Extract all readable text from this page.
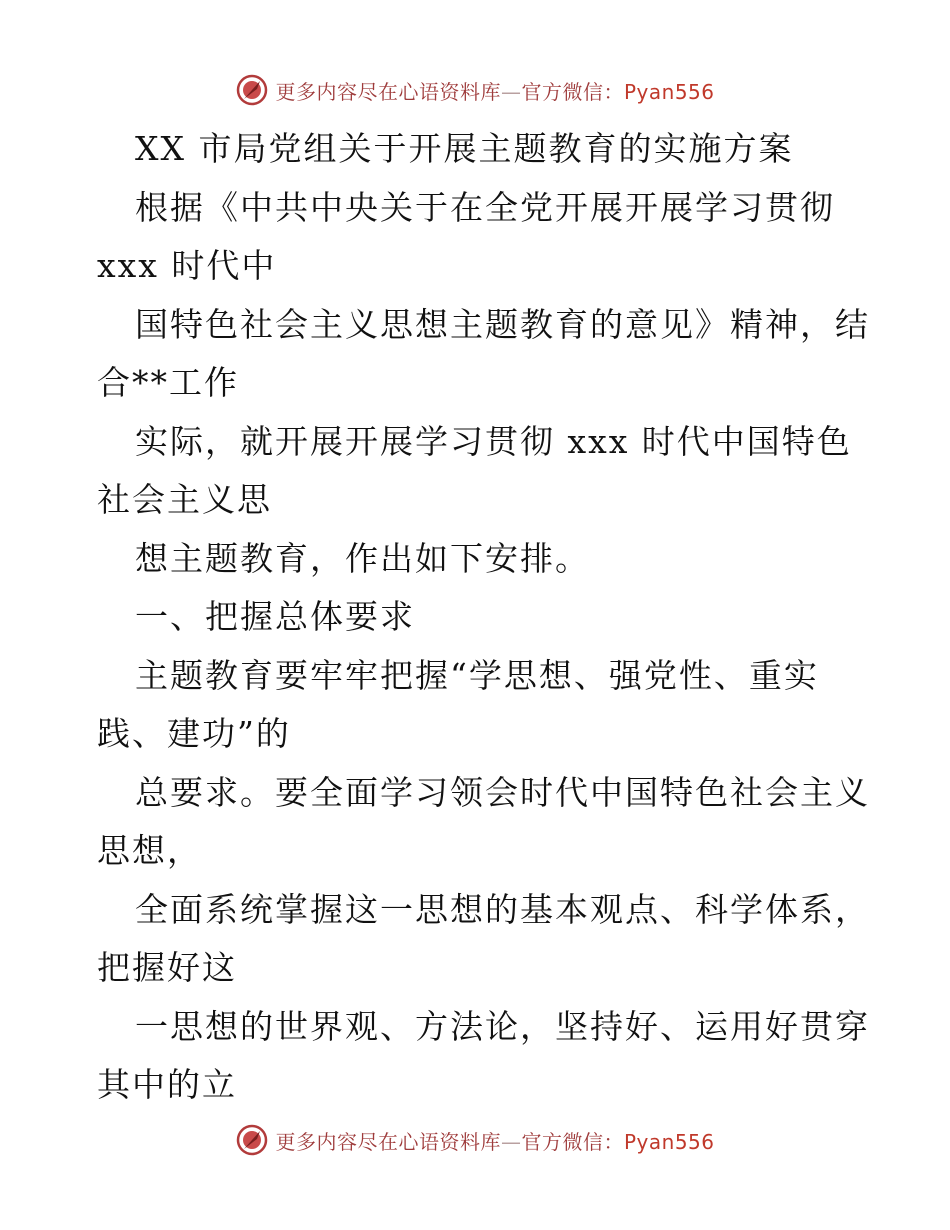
更多内容尽在心语资料库—官方微信：Pyan556
XX 市局党组关于开展主题教育的实施方案
根据《中共中央关于在全党开展开展学习贯彻
xxx 时代中
国特色社会主义思想主题教育的意见》精神，结
合**工作
实际，就开展开展学习贯彻 xxx 时代中国特色
社会主义思
想主题教育，作出如下安排。
一、把握总体要求
主题教育要牢牢把握“学思想、强党性、重实
践、建功”的
总要求。要全面学习领会时代中国特色社会主义
思想，
全面系统掌握这一思想的基本观点、科学体系，
把握好这
一思想的世界观、方法论，坚持好、运用好贯穿
其中的立
更多内容尽在心语资料库—官方微信：Pyan556
